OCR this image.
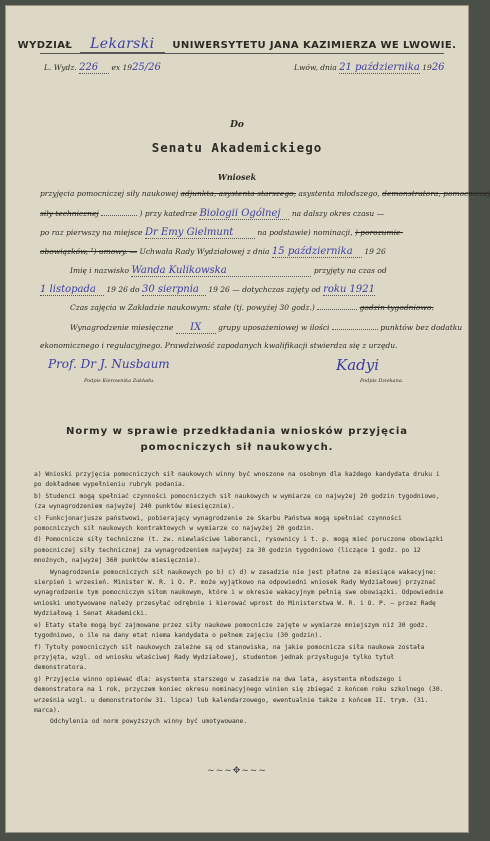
WYDZIAŁ Lekarski UNIWERSYTETU JANA KAZIMIERZA WE LWOWIE.
L. Wydz. 226 ex 1925/26	Lwów, dnia 21 października 1926
Do
Senatu Akademickiego
Wniosek
przyjęcia pomocniczej siły naukowej adjunkta, asystenta starszego, asystenta młodszego, demonstratora, pomocniczej
siły technicznej	) przy katedrze Biologii Ogólnej na dalszy okres czasu —
po raz pierwszy na miejsce Dr Emy Gielmunt	na podstawie) nominacji, ) porozumie-
obowiązków, ²) umowy. — Uchwała Rady Wydziałowej z dnia 15 października 19 26
Imię i nazwisko Wanda Kulikowska	przyjęty na czas od
1 listopada 19 26 do 30 sierpnia 19 26 — dotychczas zajęty od roku 1921
Czas zajęcia w Zakładzie naukowym: stałe (tj. powyżej 30 godz.)	godzin tygodniowo.
Wynagrodzenie miesięczne IX grupy uposażeniowej w ilości	punktów bez dodatku
ekonomicznego i regulacyjnego. Prawdziwość zapodanych kwalifikacji stwierdza się z urzędu.
Prof. Dr J. Nusbaum
Podpis Kierownika Zakładu.
Kadyi
Podpis Dziekana.
Normy w sprawie przedkładania wniosków przyjęcia
pomocniczych sił naukowych.

a) Wnioski przyjęcia pomocniczych sił naukowych winny być wnoszone na osobnym dla każdego kandydata druku i po dokładnem wypełnieniu rubryk podania.

b) Studenci mogą spełniać czynności pomocniczych sił naukowych w wymiarze co najwyżej 20 godzin tygodniowo, (za wynagrodzeniem najwyżej 240 punktów miesięcznie).

c) Funkcjonarjusze państwowi, pobierający wynagrodzenie ze Skarbu Państwa mogą spełniać czynności pomocniczych sił naukowych kontraktowych w wymiarze co najwyżej 20 godzin.

d) Pomocnicze siły techniczne (t. zw. niewlaściwe laboranci, rysownicy i t. p. mogą mieć poruczone obowiązki pomocniczej siły technicznej za wynagrodzeniem najwyżej za 30 godzin tygodniowo (liczące 1 godz. po 12 mnożnych, najwyżej 360 punktów miesięcznie).

Wynagrodzenie pomocniczych sił naukowych po b) c) d) w zasadzie nie jest płatne za miesiące wakacyjne: sierpień i wrzesień. Minister W. R. i O. P. może wyjątkowo na odpowiedni wniosek Rady Wydziałowej przyznać wynagrodzenie tym pomocniczym siłom naukowym, które i w okresie wakacyjnym pełnią swe obowiązki. Odpowiednie wnioski umotywowane należy przesyłać odrębnie i kierować wprost do Ministerstwa W. R. i O. P. — przez Radę Wydziałową i Senat Akademicki.

e) Etaty stałe mogą być zajmowane przez siły naukowe pomocnicze zajęte w wymiarze mniejszym niż 30 godz. tygodniowo, o ile na dany etat niema kandydata o pełnem zajęciu (30 godzin).

f) Tytuły pomocniczych sił naukowych zależne są od stanowiska, na jakie pomocnicza siła naukowa została przyjęta, wzgl. od wniosku właściwej Rady Wydziałowej, studentom jednak przysługuje tylko tytuł demonstratora.

g) Przyjęcie winno opiewać dla: asystenta starszego w zasadzie na dwa lata, asystenta młodszego i demonstratora na 1 rok, przyczem koniec okresu nominacyjnego winien się zbiegać z końcem roku szkolnego (30. września wzgl. u demonstratorów 31. lipca) lub kalendarzowego, ewentualnie także z końcem II. trym. (31. marca).

Odchylenia od norm powyższych winny być umotywowane.

~~~✥~~~
